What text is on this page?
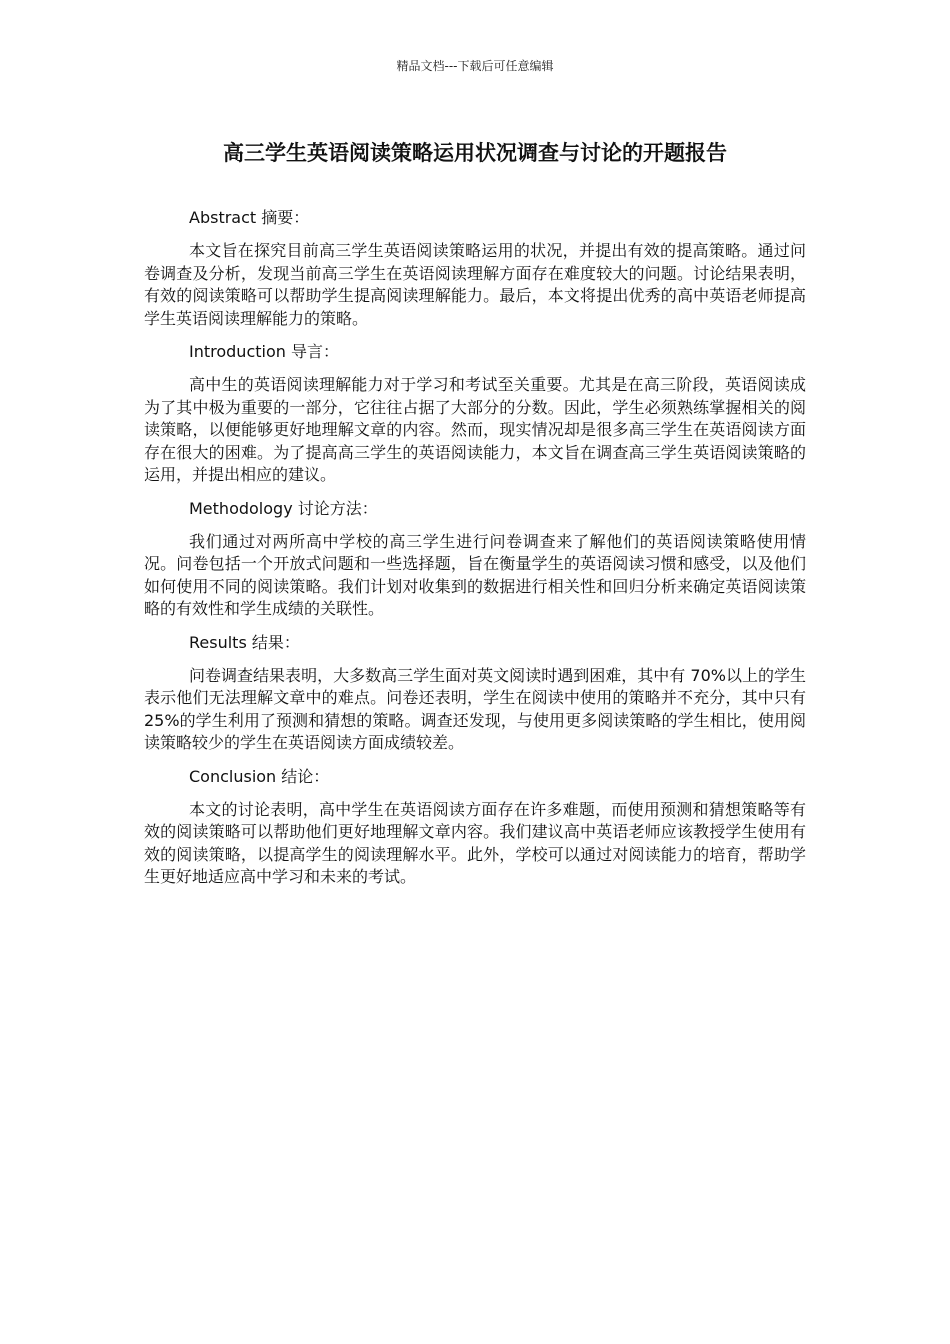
精品文档---下载后可任意编辑
高三学生英语阅读策略运用状况调查与讨论的开题报告

Abstract 摘要：

本文旨在探究目前高三学生英语阅读策略运用的状况，并提出有效的提高策略。通过问卷调查及分析，发现当前高三学生在英语阅读理解方面存在难度较大的问题。讨论结果表明，有效的阅读策略可以帮助学生提高阅读理解能力。最后，本文将提出优秀的高中英语老师提高学生英语阅读理解能力的策略。

Introduction 导言：

高中生的英语阅读理解能力对于学习和考试至关重要。尤其是在高三阶段，英语阅读成为了其中极为重要的一部分，它往往占据了大部分的分数。因此，学生必须熟练掌握相关的阅读策略，以便能够更好地理解文章的内容。然而，现实情况却是很多高三学生在英语阅读方面存在很大的困难。为了提高高三学生的英语阅读能力，本文旨在调查高三学生英语阅读策略的运用，并提出相应的建议。

Methodology 讨论方法：

我们通过对两所高中学校的高三学生进行问卷调查来了解他们的英语阅读策略使用情况。问卷包括一个开放式问题和一些选择题，旨在衡量学生的英语阅读习惯和感受，以及他们如何使用不同的阅读策略。我们计划对收集到的数据进行相关性和回归分析来确定英语阅读策略的有效性和学生成绩的关联性。

Results 结果：

问卷调查结果表明，大多数高三学生面对英文阅读时遇到困难，其中有 70%以上的学生表示他们无法理解文章中的难点。问卷还表明，学生在阅读中使用的策略并不充分，其中只有 25%的学生利用了预测和猜想的策略。调查还发现，与使用更多阅读策略的学生相比，使用阅读策略较少的学生在英语阅读方面成绩较差。

Conclusion 结论：

本文的讨论表明，高中学生在英语阅读方面存在许多难题，而使用预测和猜想策略等有效的阅读策略可以帮助他们更好地理解文章内容。我们建议高中英语老师应该教授学生使用有效的阅读策略，以提高学生的阅读理解水平。此外，学校可以通过对阅读能力的培育，帮助学生更好地适应高中学习和未来的考试。
